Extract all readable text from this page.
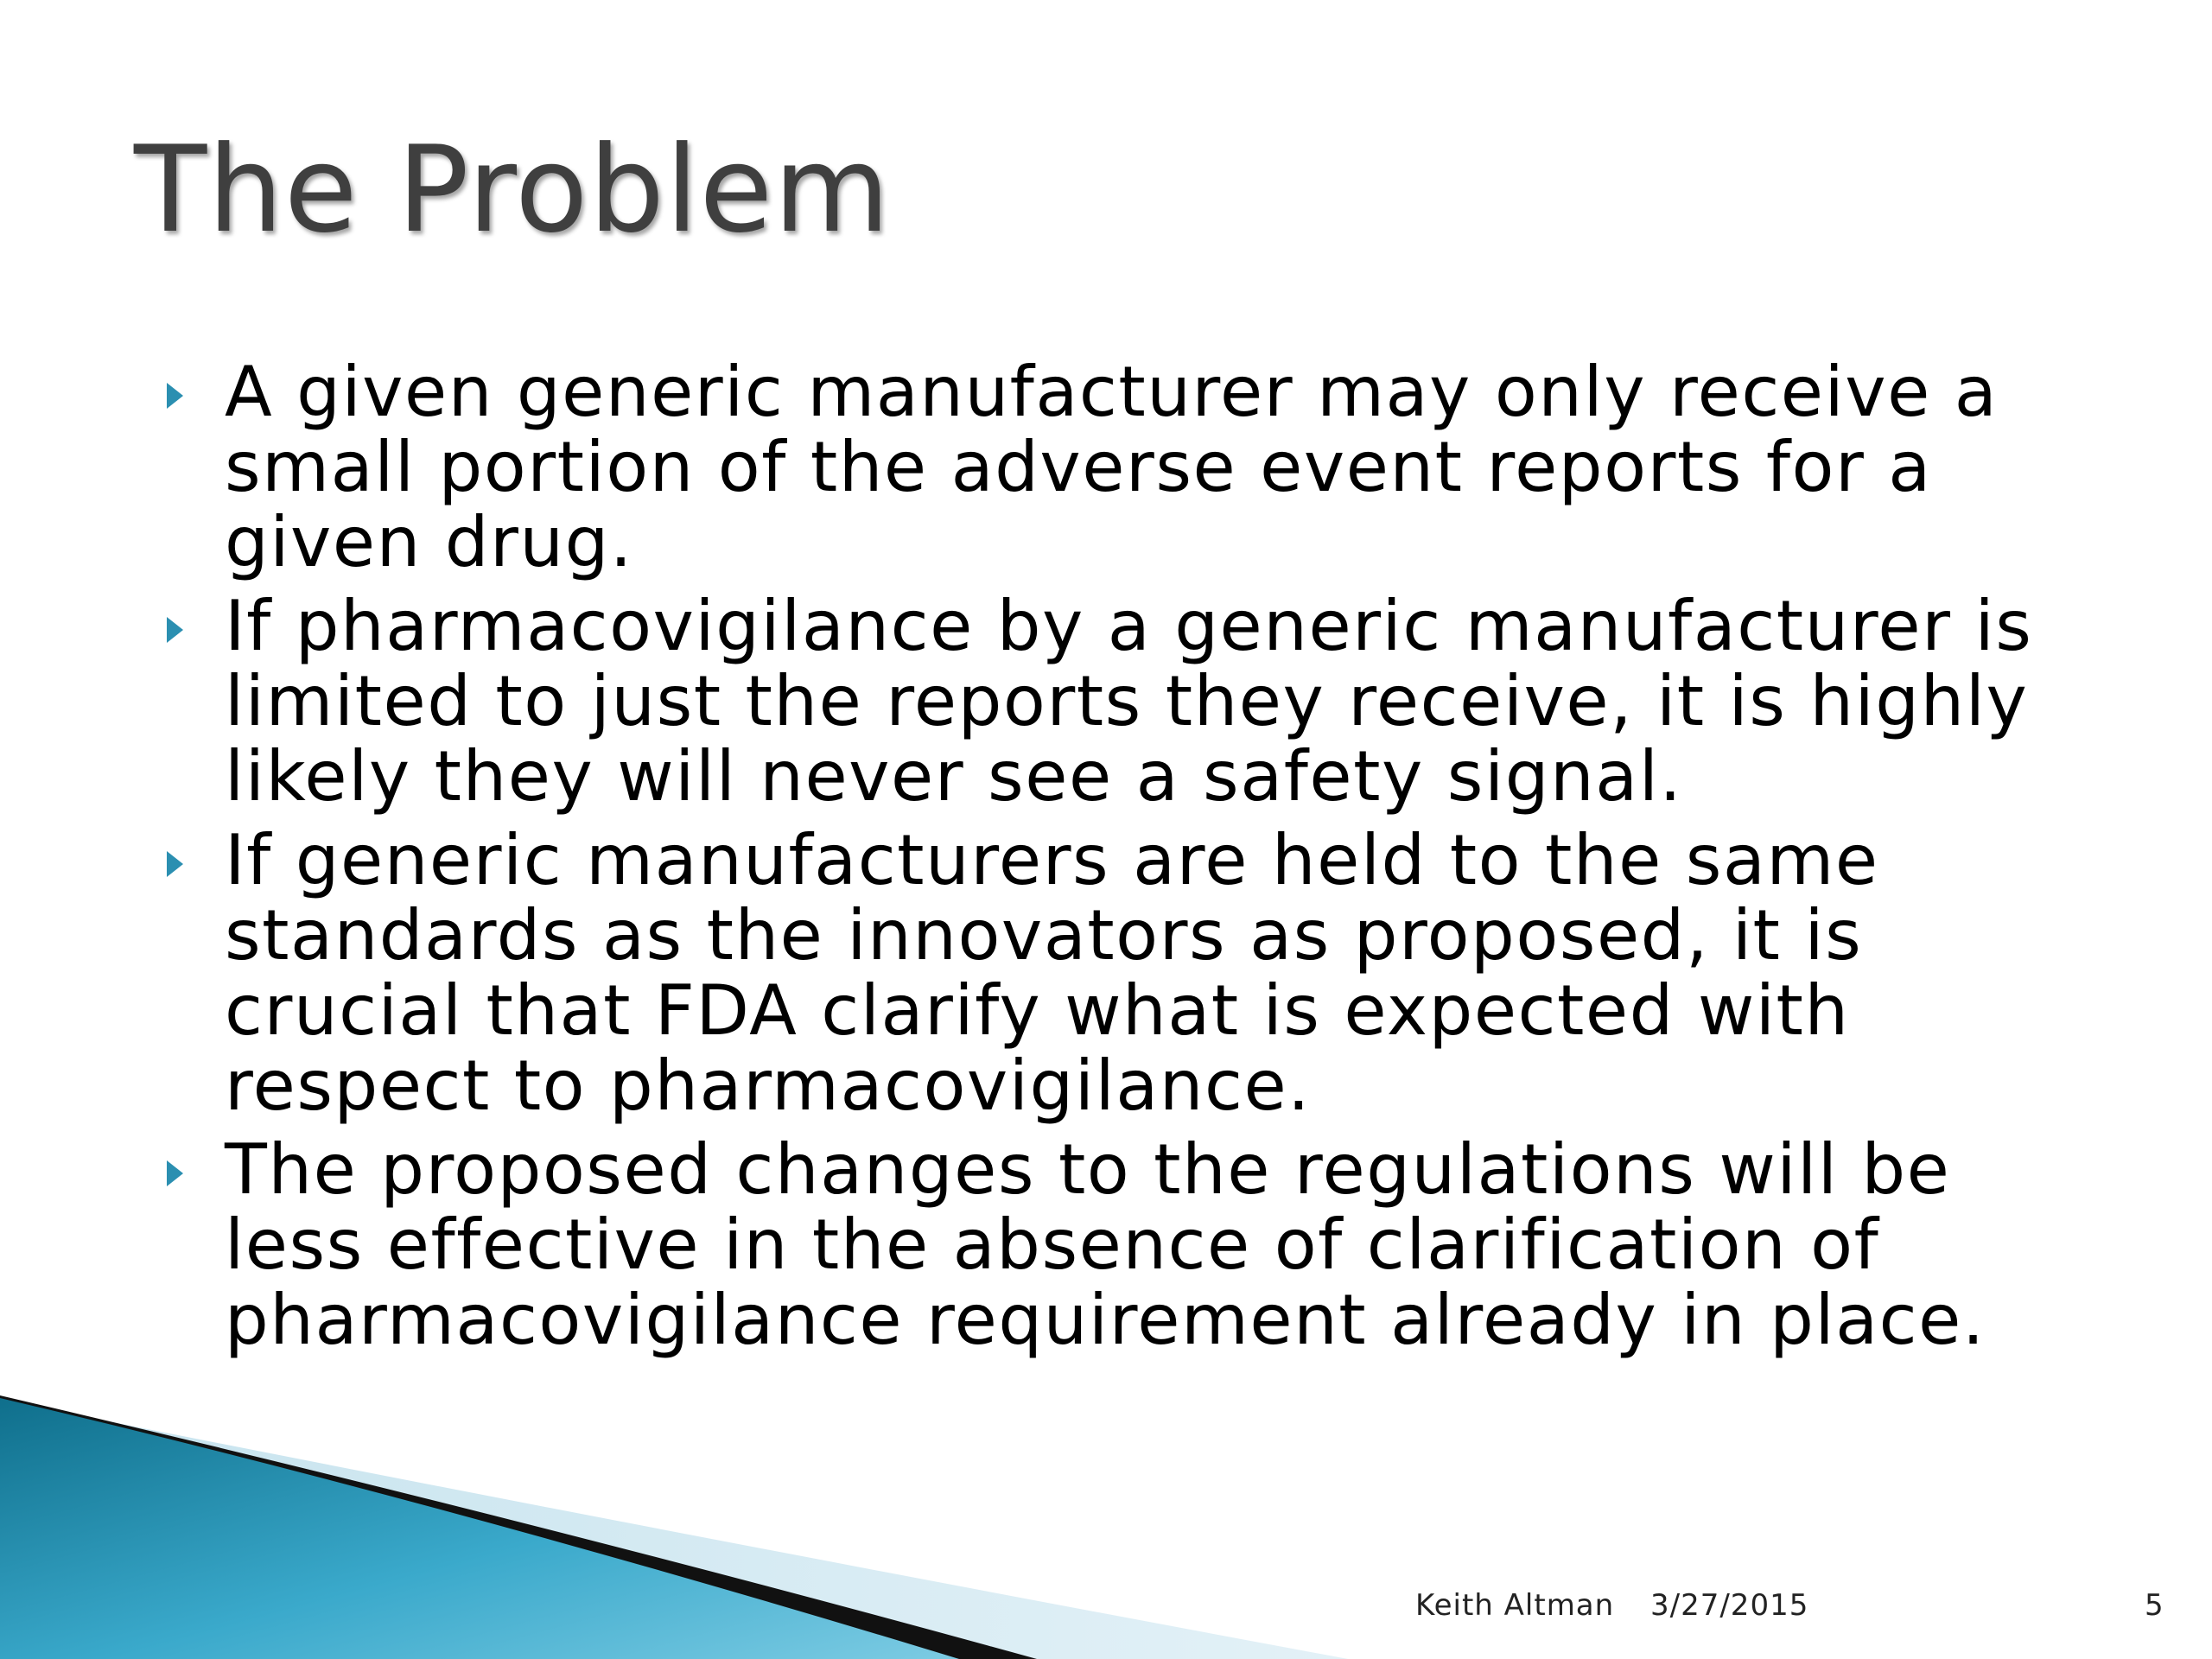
The Problem
A given generic manufacturer may only receive a small portion of the adverse event reports for a given drug.
If pharmacovigilance by a generic manufacturer is limited to just the reports they receive, it is highly likely they will never see a safety signal.
If generic manufacturers are held to the same standards as the innovators as proposed, it is crucial that FDA clarify what is expected with respect to pharmacovigilance.
The proposed changes to the regulations will be less effective in the absence of clarification of pharmacovigilance requirement already in place.
Keith Altman 3/27/2015	5
